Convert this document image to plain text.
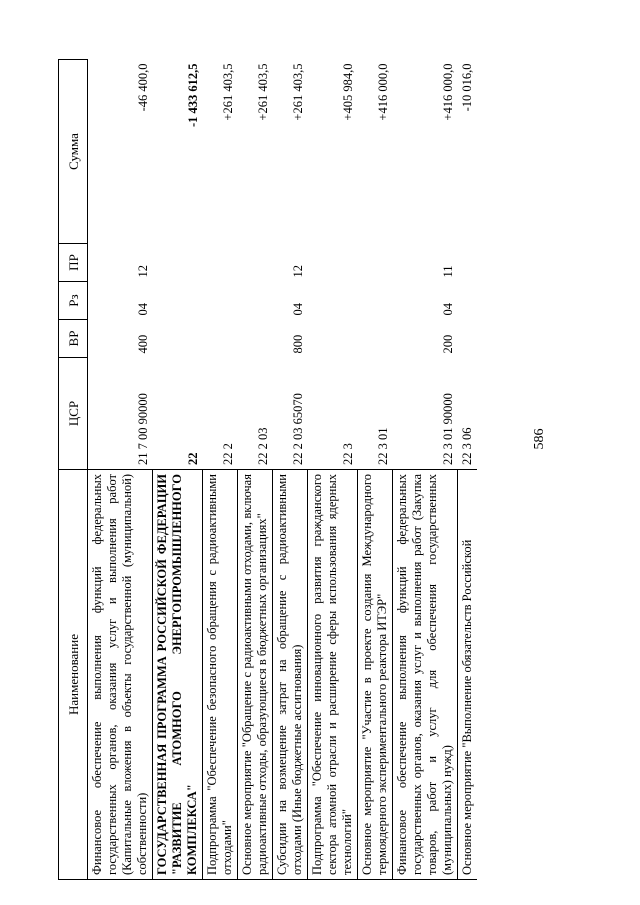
586
Наименование	ЦСР	ВР	Рз	ПР	Сумма
Финансовое обеспечение выполнения функций федеральных государственных органов, оказания услуг и выполнения работ (Капитальные вложения в объекты государственной (муниципальной) собственности)	21 7 00 90000	400	04	12	-46 400,0
ГОСУДАРСТВЕННАЯ ПРОГРАММА РОССИЙСКОЙ ФЕДЕРАЦИИ "РАЗВИТИЕ АТОМНОГО ЭНЕРГОПРОМЫШЛЕННОГО КОМПЛЕКСА"	22				-1 433 612,5
Подпрограмма "Обеспечение безопасного обращения с радиоактивными отходами"	22 2				+261 403,5
Основное мероприятие "Обращение с радиоактивными отходами, включая радиоактивные отходы, образующиеся в бюджетных организациях"	22 2 03				+261 403,5
Субсидии на возмещение затрат на обращение с радиоактивными отходами (Иные бюджетные ассигнования)	22 2 03 65070	800	04	12	+261 403,5
Подпрограмма "Обеспечение инновационного развития гражданского сектора атомной отрасли и расширение сферы использования ядерных технологий"	22 3				+405 984,0
Основное мероприятие "Участие в проекте создания Международного термоядерного экспериментального реактора ИТЭР"	22 3 01				+416 000,0
Финансовое обеспечение выполнения функций федеральных государственных органов, оказания услуг и выполнения работ (Закупка товаров, работ и услуг для обеспечения государственных (муниципальных) нужд)	22 3 01 90000	200	04	11	+416 000,0
Основное мероприятие "Выполнение обязательств Российской	22 3 06				-10 016,0
